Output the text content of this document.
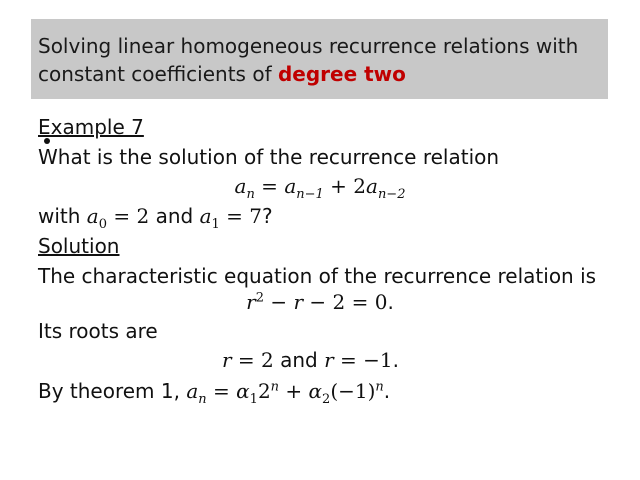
Solving linear homogeneous recurrence relations with constant coefficients of degree two
Example 7
What is the solution of the recurrence relation
$a_n = a_{n-1} + 2a_{n-2}$
with $a_0 = 2$ and $a_1 = 7$?
Solution
The characteristic equation of the recurrence relation is
$r^2 - r - 2 = 0$.
Its roots are
r = 2 and r = −1.
By theorem 1, $a_n = \alpha_12^n + \alpha_2(-1)^n$.
